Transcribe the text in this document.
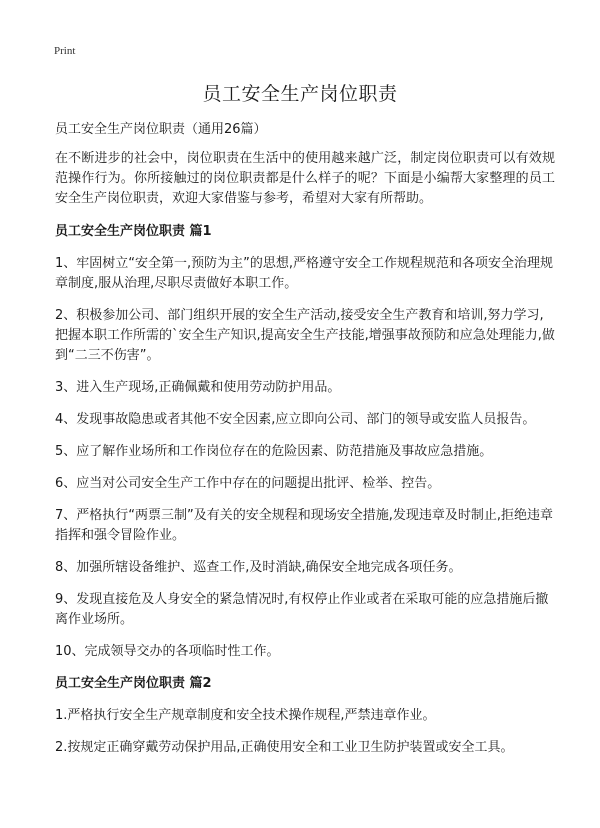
Print
员工安全生产岗位职责

员工安全生产岗位职责（通用26篇）

在不断进步的社会中，岗位职责在生活中的使用越来越广泛，制定岗位职责可以有效规范操作行为。你所接触过的岗位职责都是什么样子的呢？下面是小编帮大家整理的员工安全生产岗位职责，欢迎大家借鉴与参考，希望对大家有所帮助。

员工安全生产岗位职责 篇1

1、牢固树立“安全第一,预防为主”的思想,严格遵守安全工作规程规范和各项安全治理规章制度,服从治理,尽职尽责做好本职工作。

2、积极参加公司、部门组织开展的安全生产活动,接受安全生产教育和培训,努力学习,把握本职工作所需的`安全生产知识,提高安全生产技能,增强事故预防和应急处理能力,做到“二三不伤害”。

3、进入生产现场,正确佩戴和使用劳动防护用品。

4、发现事故隐患或者其他不安全因素,应立即向公司、部门的领导或安监人员报告。

5、应了解作业场所和工作岗位存在的危险因素、防范措施及事故应急措施。

6、应当对公司安全生产工作中存在的问题提出批评、检举、控告。

7、严格执行“两票三制”及有关的安全规程和现场安全措施,发现违章及时制止,拒绝违章指挥和强令冒险作业。

8、加强所辖设备维护、巡查工作,及时消缺,确保安全地完成各项任务。

9、发现直接危及人身安全的紧急情况时,有权停止作业或者在采取可能的应急措施后撤离作业场所。

10、完成领导交办的各项临时性工作。

员工安全生产岗位职责 篇2

1.严格执行安全生产规章制度和安全技术操作规程,严禁违章作业。

2.按规定正确穿戴劳动保护用品,正确使用安全和工业卫生防护装置或安全工具。
